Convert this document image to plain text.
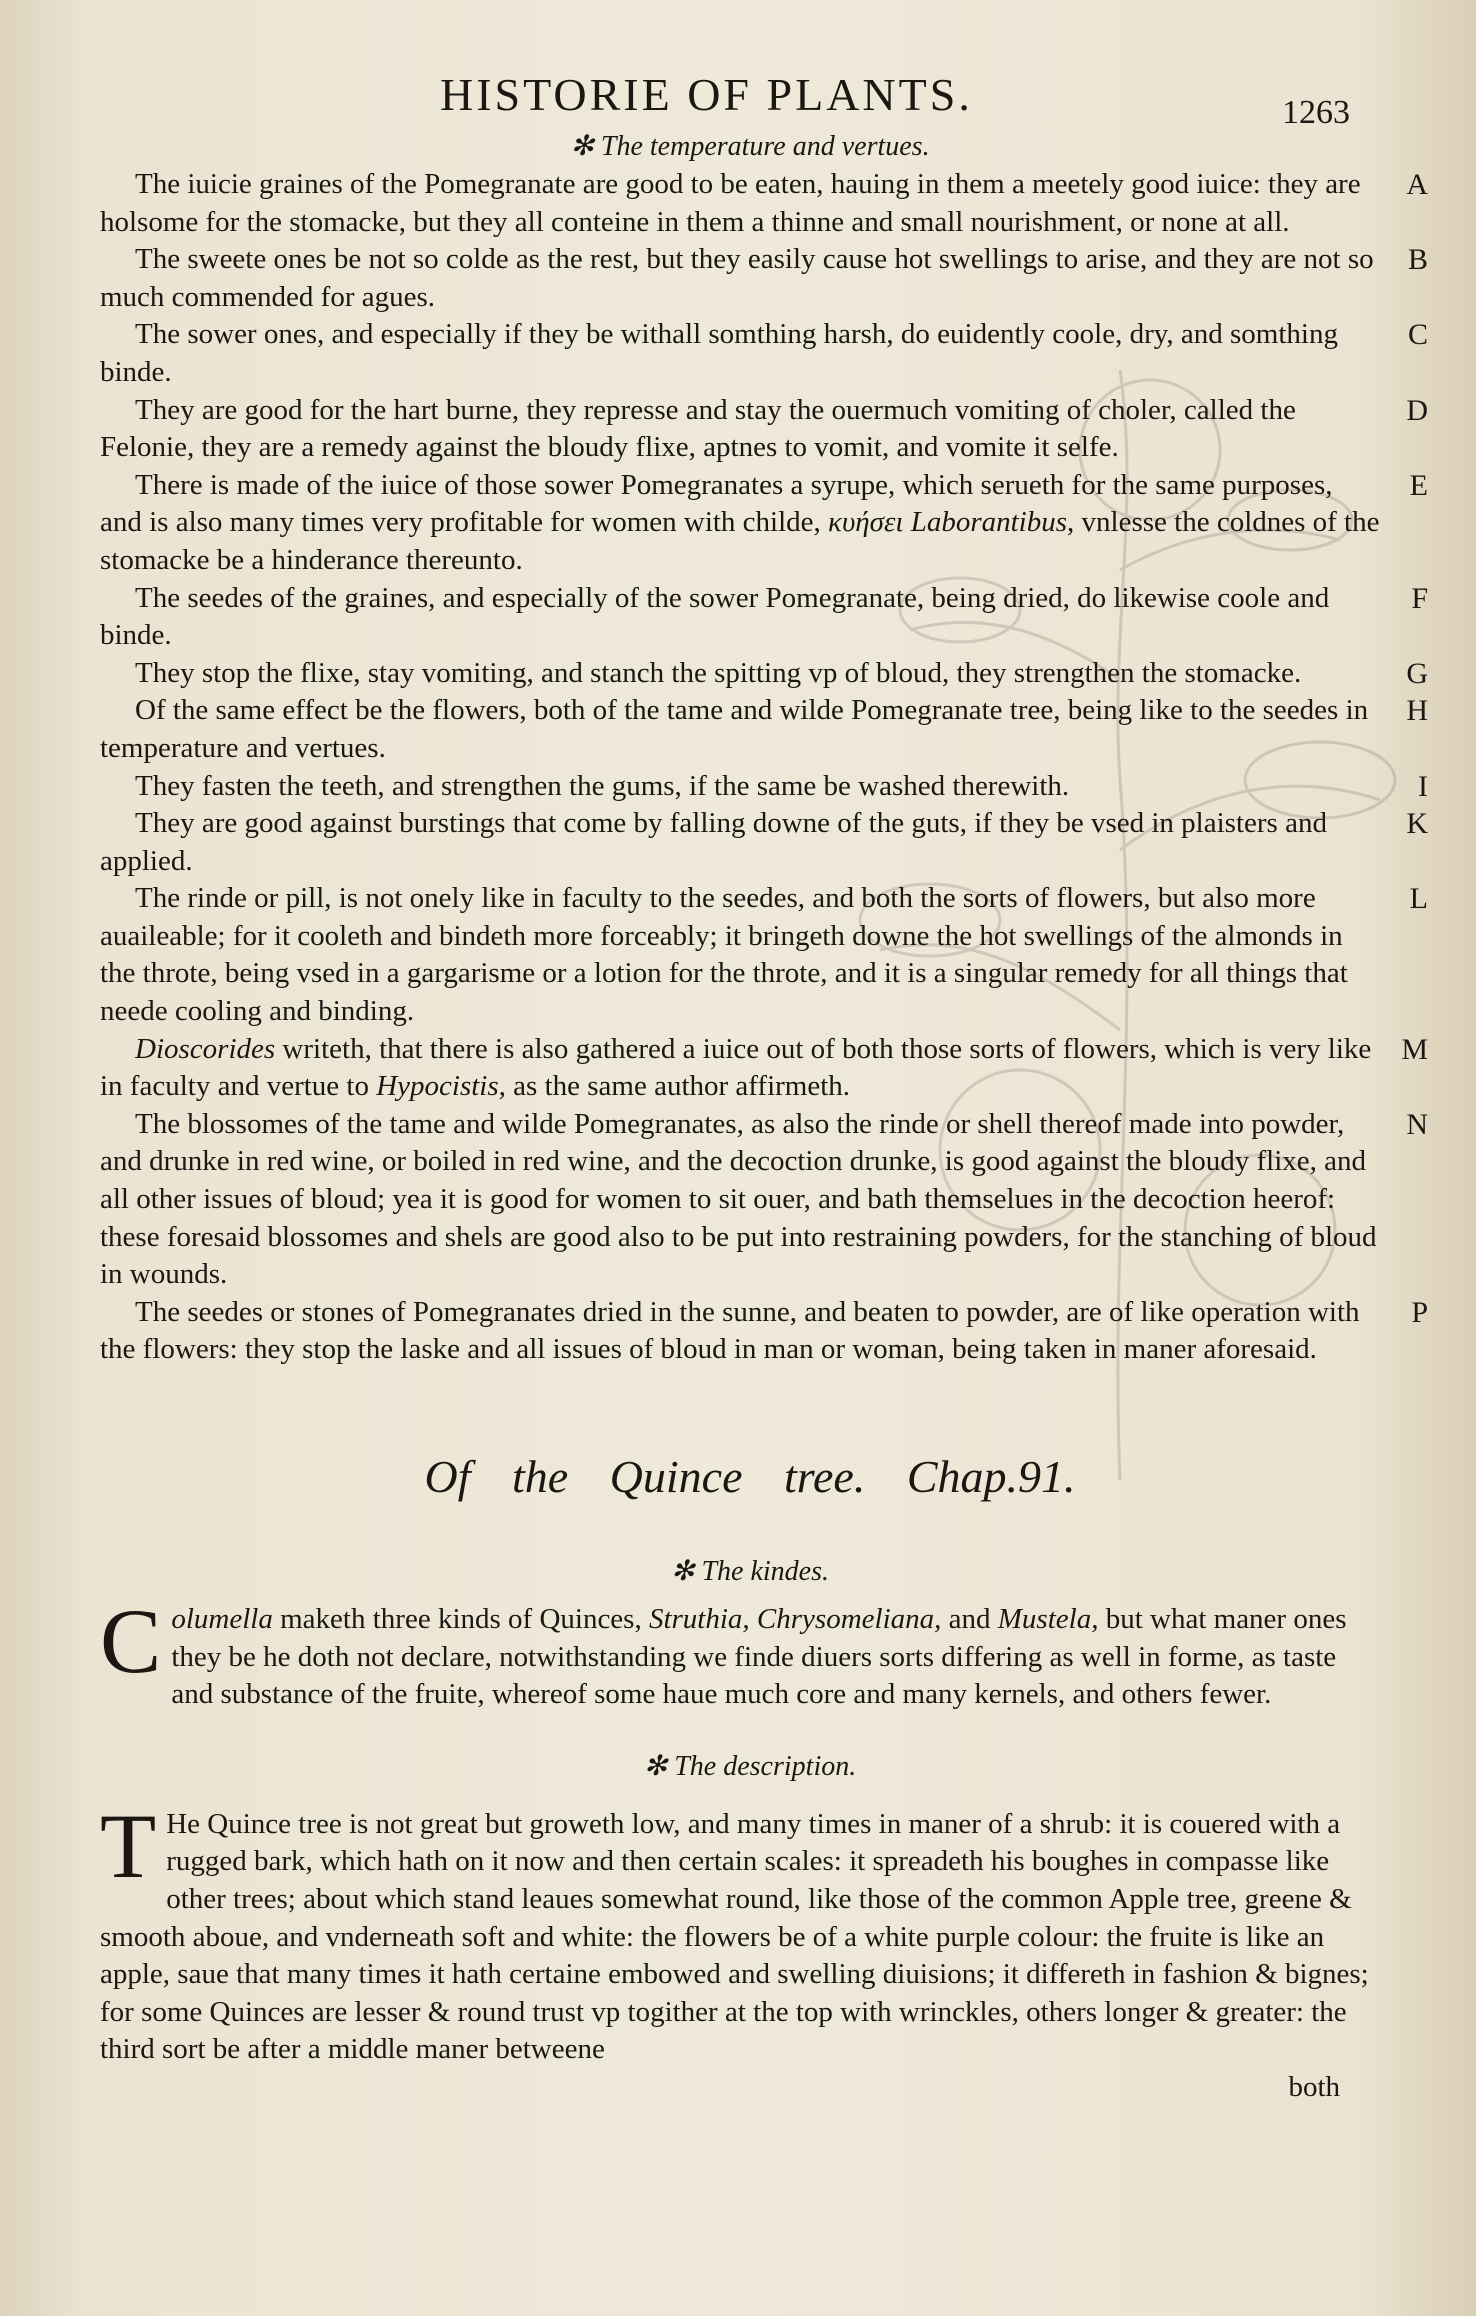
HISTORIE OF PLANTS.	1263
✻ The temperature and vertues.

The iuicie graines of the Pomegranate are good to be eaten, hauing in them a meetely good iuice: they are holsome for the stomacke, but they all conteine in them a thinne and small nourishment, or none at all.
A

The sweete ones be not so colde as the rest, but they easily cause hot swellings to arise, and they are not so much commended for agues.
B

The sower ones, and especially if they be withall somthing harsh, do euidently coole, dry, and somthing binde.
C

They are good for the hart burne, they represse and stay the ouermuch vomiting of choler, called the Felonie, they are a remedy against the bloudy flixe, aptnes to vomit, and vomite it selfe.
D

There is made of the iuice of those sower Pomegranates a syrupe, which serueth for the same purposes, and is also many times very profitable for women with childe, κυήσει Laborantibus, vnlesse the coldnes of the stomacke be a hinderance thereunto.
E

The seedes of the graines, and especially of the sower Pomegranate, being dried, do likewise coole and binde.
F

They stop the flixe, stay vomiting, and stanch the spitting vp of bloud, they strengthen the stomacke.	G

Of the same effect be the flowers, both of the tame and wilde Pomegranate tree, being like to the seedes in temperature and vertues.
H

They fasten the teeth, and strengthen the gums, if the same be washed therewith.	I

They are good against burstings that come by falling downe of the guts, if they be vsed in plaisters and applied.
K

The rinde or pill, is not onely like in faculty to the seedes, and both the sorts of flowers, but also more auaileable; for it cooleth and bindeth more forceably; it bringeth downe the hot swellings of the almonds in the throte, being vsed in a gargarisme or a lotion for the throte, and it is a singular remedy for all things that neede cooling and binding.
L

Dioscorides writeth, that there is also gathered a iuice out of both those sorts of flowers, which is very like in faculty and vertue to Hypocistis, as the same author affirmeth.
M

The blossomes of the tame and wilde Pomegranates, as also the rinde or shell thereof made into powder, and drunke in red wine, or boiled in red wine, and the decoction drunke, is good against the bloudy flixe, and all other issues of bloud; yea it is good for women to sit ouer, and bath themselues in the decoction heerof: these foresaid blossomes and shels are good also to be put into restraining powders, for the stanching of bloud in wounds.
N

The seedes or stones of Pomegranates dried in the sunne, and beaten to powder, are of like operation with the flowers: they stop the laske and all issues of bloud in man or woman, being taken in maner aforesaid.
P

Of the Quince tree. Chap.91.
✻ The kindes.

Columella maketh three kinds of Quinces, Struthia, Chrysomeliana, and Mustela, but what maner ones they be he doth not declare, notwithstanding we finde diuers sorts differing as well in forme, as taste and substance of the fruite, whereof some haue much core and many kernels, and others fewer.

✻ The description.

T He Quince tree is not great but groweth low, and many times in maner of a shrub: it is couered with a rugged bark, which hath on it now and then certain scales: it spreadeth his boughes in compasse like other trees; about which stand leaues somewhat round, like those of the common Apple tree, greene & smooth aboue, and vnderneath soft and white: the flowers be of a white purple colour: the fruite is like an apple, saue that many times it hath certaine embowed and swelling diuisions; it differeth in fashion & bignes; for some Quinces are lesser & round trust vp togither at the top with wrinckles, others longer & greater: the third sort be after a middle maner betweene

both
